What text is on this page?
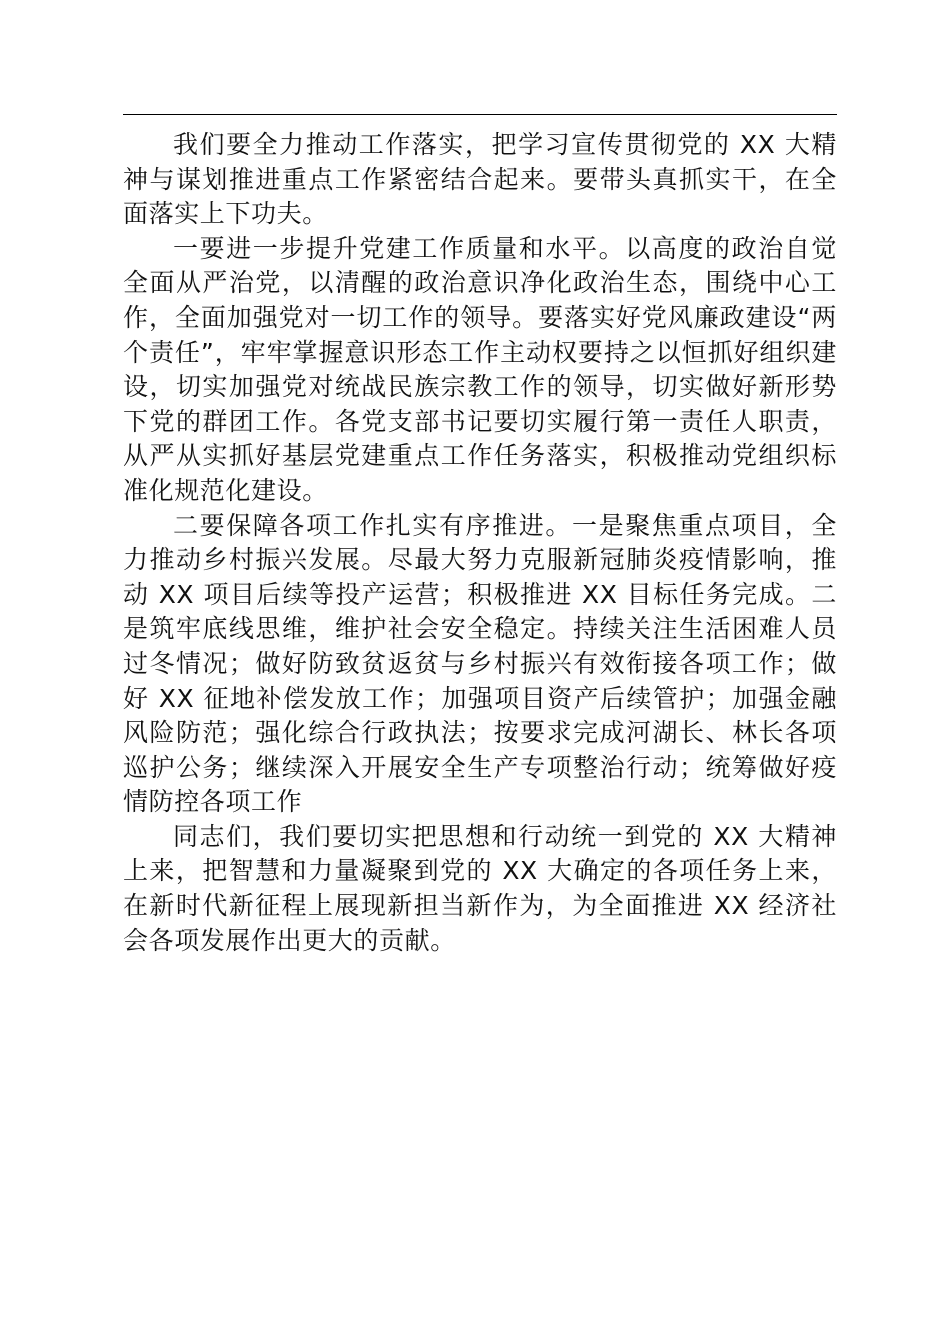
我们要全力推动工作落实，把学习宣传贯彻党的 XX 大精神与谋划推进重点工作紧密结合起来。要带头真抓实干，在全面落实上下功夫。

一要进一步提升党建工作质量和水平。以高度的政治自觉全面从严治党，以清醒的政治意识净化政治生态，围绕中心工作，全面加强党对一切工作的领导。要落实好党风廉政建设“两个责任”，牢牢掌握意识形态工作主动权要持之以恒抓好组织建设，切实加强党对统战民族宗教工作的领导，切实做好新形势下党的群团工作。各党支部书记要切实履行第一责任人职责，从严从实抓好基层党建重点工作任务落实，积极推动党组织标准化规范化建设。

二要保障各项工作扎实有序推进。一是聚焦重点项目，全力推动乡村振兴发展。尽最大努力克服新冠肺炎疫情影响，推动 XX 项目后续等投产运营；积极推进 XX 目标任务完成。二是筑牢底线思维，维护社会安全稳定。持续关注生活困难人员过冬情况；做好防致贫返贫与乡村振兴有效衔接各项工作；做好 XX 征地补偿发放工作；加强项目资产后续管护；加强金融风险防范；强化综合行政执法；按要求完成河湖长、林长各项巡护公务；继续深入开展安全生产专项整治行动；统筹做好疫情防控各项工作

同志们，我们要切实把思想和行动统一到党的 XX 大精神上来，把智慧和力量凝聚到党的 XX 大确定的各项任务上来，在新时代新征程上展现新担当新作为，为全面推进 XX 经济社会各项发展作出更大的贡献。
